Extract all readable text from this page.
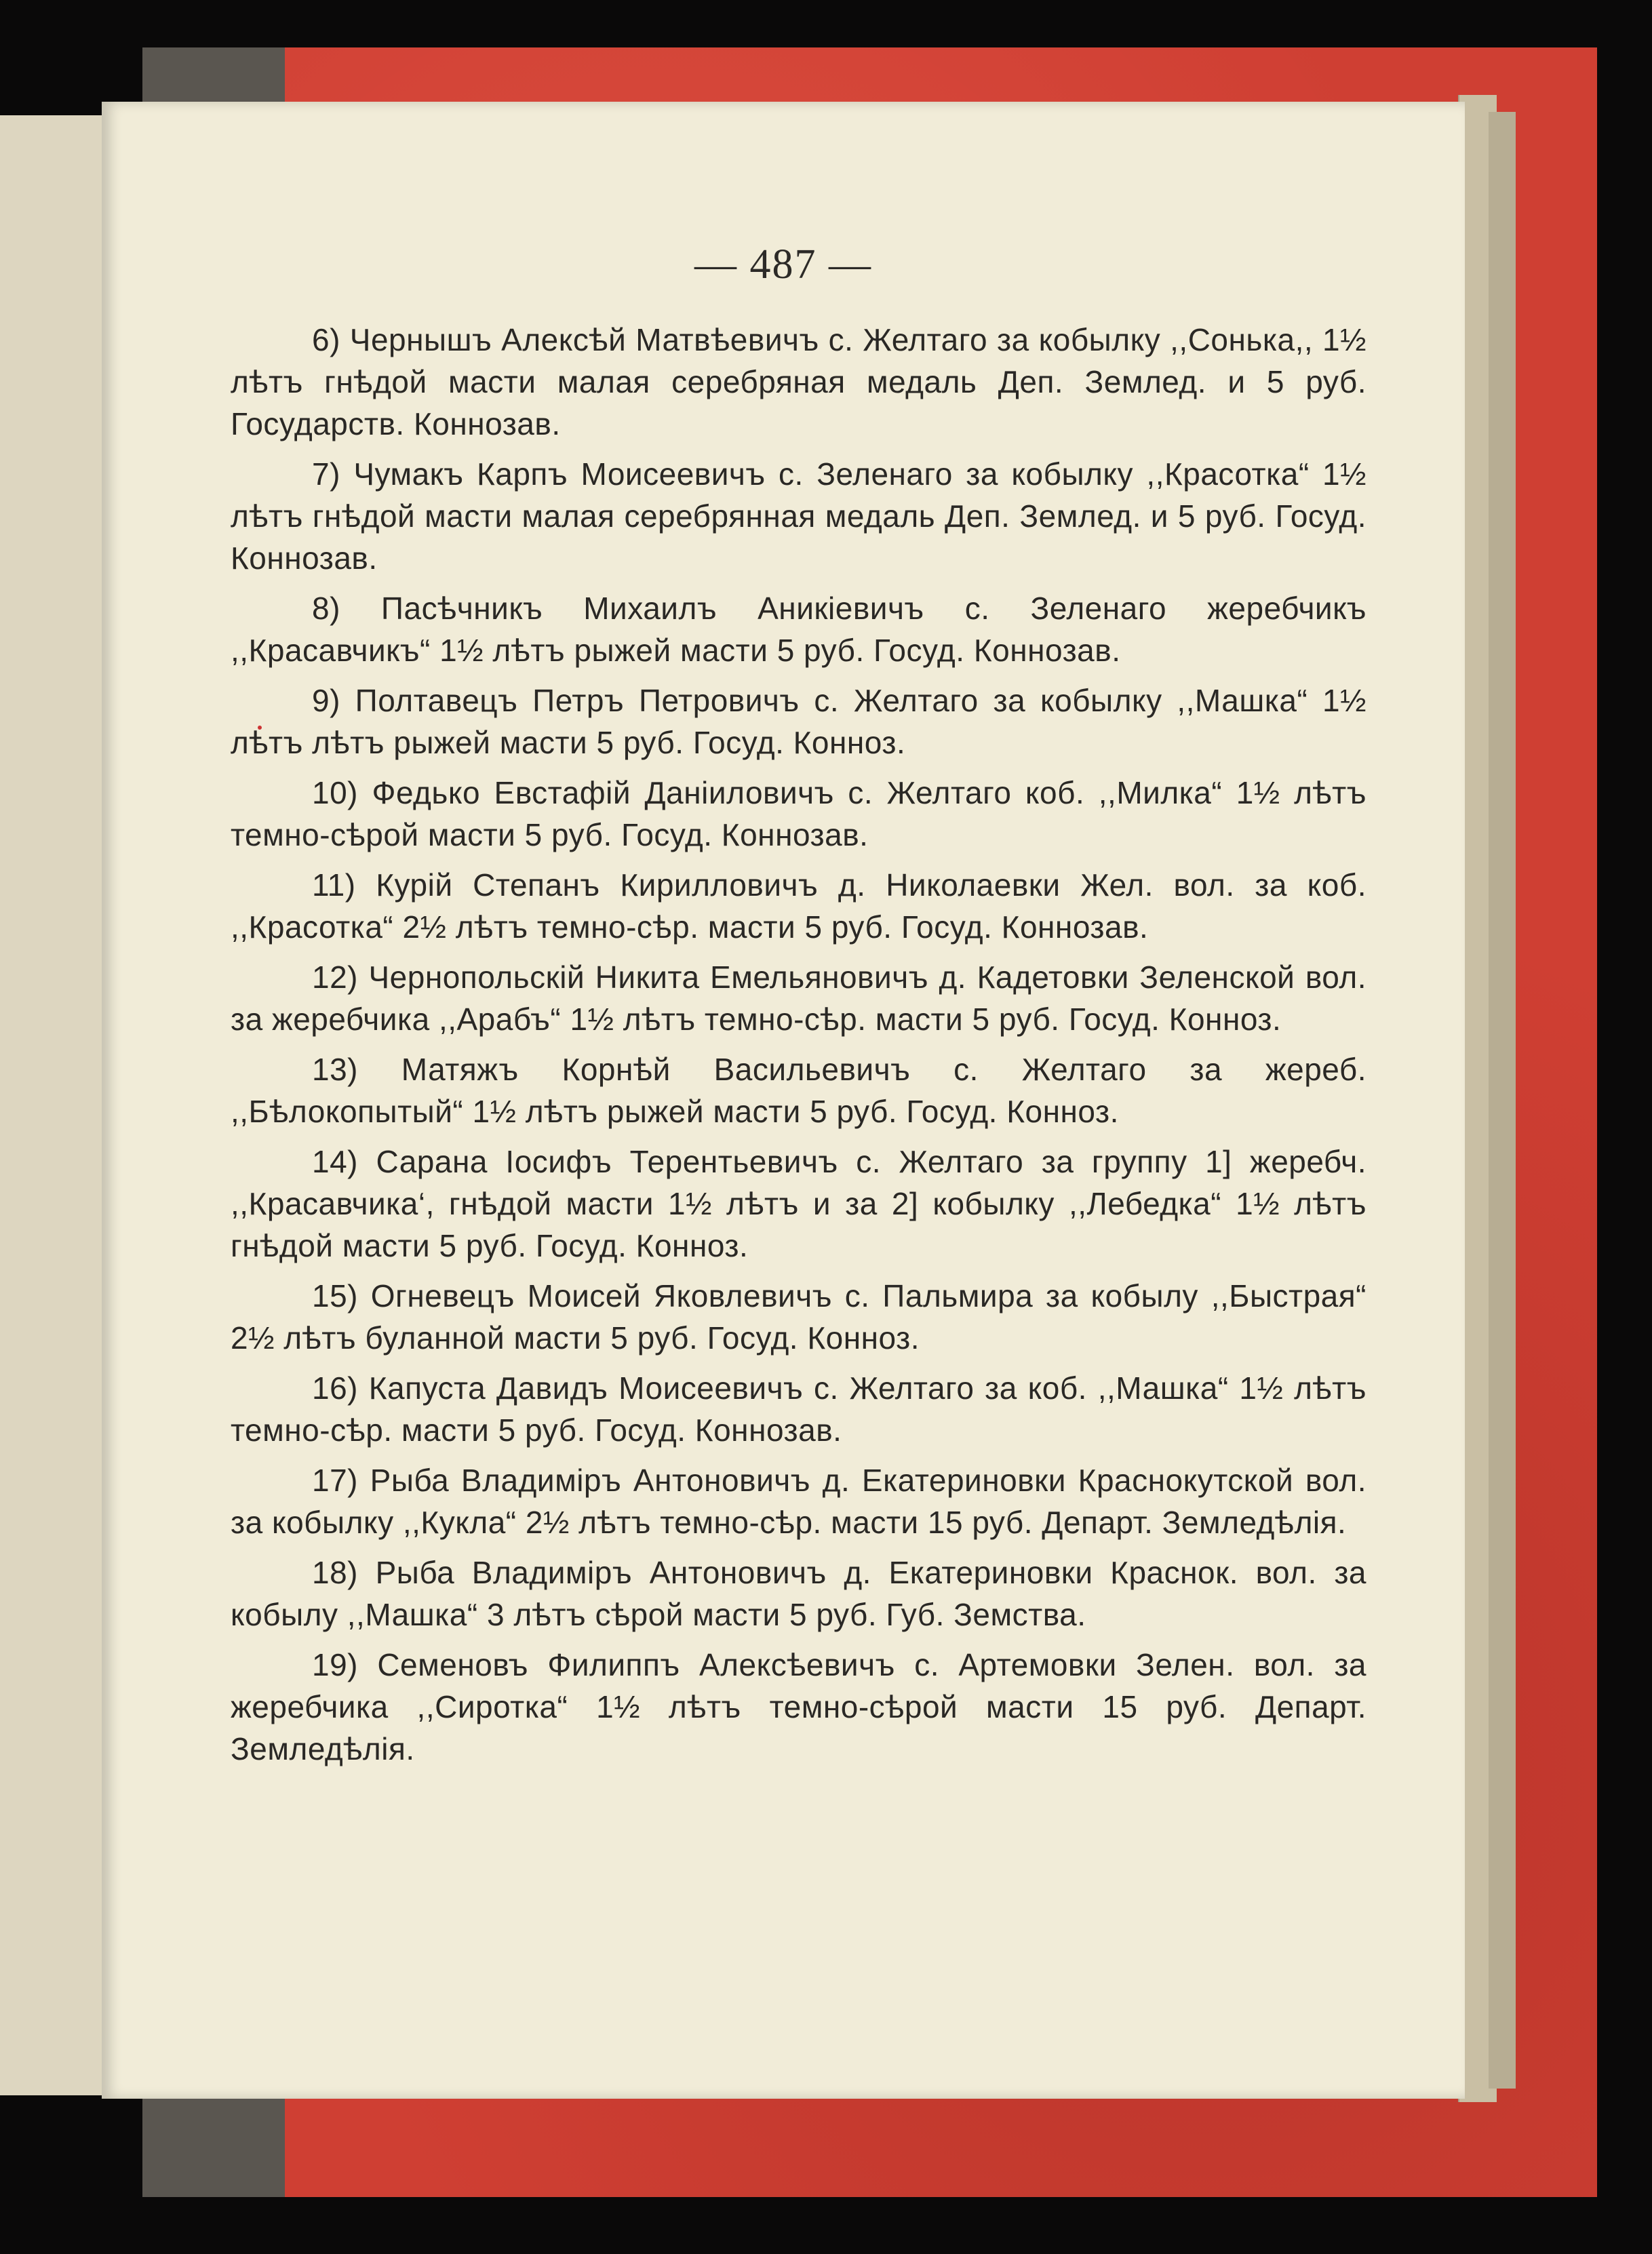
— 487 —

6) Чернышъ Алексѣй Матвѣевичъ с. Желтаго за кобылку ,,Сонька,, 1½ лѣтъ гнѣдой масти малая серебряная медаль Деп. Землед. и 5 руб. Государств. Коннозав.

7) Чумакъ Карпъ Моисеевичъ с. Зеленаго за кобылку ,,Красотка“ 1½ лѣтъ гнѣдой масти малая серебрянная медаль Деп. Землед. и 5 руб. Госуд. Коннозав.

8) Пасѣчникъ Михаилъ Аникіевичъ с. Зеленаго жеребчикъ ,,Красавчикъ“ 1½ лѣтъ рыжей масти 5 руб. Госуд. Коннозав.

9) Полтавецъ Петръ Петровичъ с. Желтаго за кобылку ,,Машка“ 1½ лѣтъ лѣтъ рыжей масти 5 руб. Госуд. Конноз.

10) Федько Евстафій Даніиловичъ с. Желтаго коб. ,,Милка“ 1½ лѣтъ темно-сѣрой масти 5 руб. Госуд. Коннозав.

11) Курій Степанъ Кирилловичъ д. Николаевки Жел. вол. за коб. ,,Красотка“ 2½ лѣтъ темно-сѣр. масти 5 руб. Госуд. Коннозав.

12) Чернопольскій Никита Емельяновичъ д. Кадетовки Зеленской вол. за жеребчика ,,Арабъ“ 1½ лѣтъ темно-сѣр. масти 5 руб. Госуд. Конноз.

13) Матяжъ Корнѣй Васильевичъ с. Желтаго за жереб. ,,Бѣлокопытый“ 1½ лѣтъ рыжей масти 5 руб. Госуд. Конноз.

14) Сарана Іосифъ Терентьевичъ с. Желтаго за группу 1] жеребч. ,,Красавчика‘, гнѣдой масти 1½ лѣтъ и за 2] кобылку ,,Лебедка“ 1½ лѣтъ гнѣдой масти 5 руб. Госуд. Конноз.

15) Огневецъ Моисей Яковлевичъ с. Пальмира за кобылу ,,Быстрая“ 2½ лѣтъ буланной масти 5 руб. Госуд. Конноз.

16) Капуста Давидъ Моисеевичъ с. Желтаго за коб. ,,Машка“ 1½ лѣтъ темно-сѣр. масти 5 руб. Госуд. Коннозав.

17) Рыба Владиміръ Антоновичъ д. Екатериновки Краснокутской вол. за кобылку ,,Кукла“ 2½ лѣтъ темно-сѣр. масти 15 руб. Департ. Земледѣлія.

18) Рыба Владиміръ Антоновичъ д. Екатериновки Краснок. вол. за кобылу ,,Машка“ 3 лѣтъ сѣрой масти 5 руб. Губ. Земства.

19) Семеновъ Филиппъ Алексѣевичъ с. Артемовки Зелен. вол. за жеребчика ,,Сиротка“ 1½ лѣтъ темно-сѣрой масти 15 руб. Департ. Земледѣлія.
